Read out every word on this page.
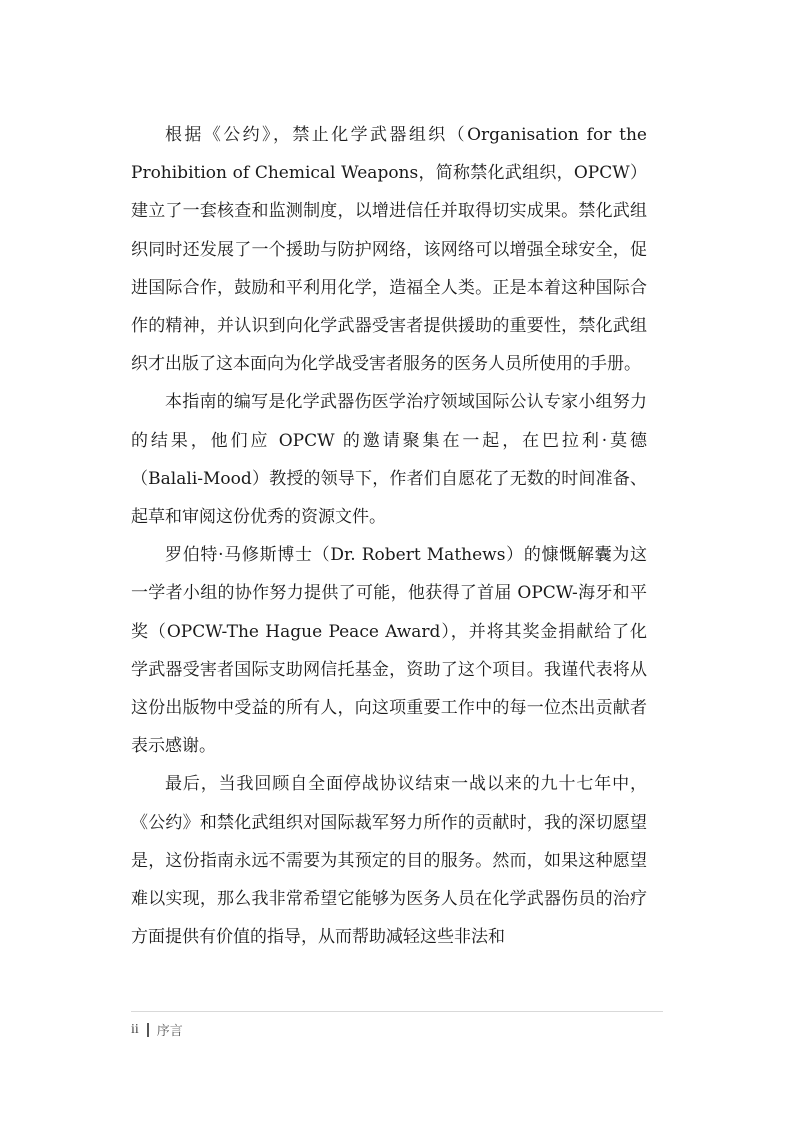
根据《公约》，禁止化学武器组织（Organisation for the Prohibition of Chemical Weapons，简称禁化武组织，OPCW）建立了一套核查和监测制度，以增进信任并取得切实成果。禁化武组织同时还发展了一个援助与防护网络，该网络可以增强全球安全，促进国际合作，鼓励和平利用化学，造福全人类。正是本着这种国际合作的精神，并认识到向化学武器受害者提供援助的重要性，禁化武组织才出版了这本面向为化学战受害者服务的医务人员所使用的手册。

本指南的编写是化学武器伤医学治疗领域国际公认专家小组努力的结果，他们应 OPCW 的邀请聚集在一起，在巴拉利·莫德（Balali-Mood）教授的领导下，作者们自愿花了无数的时间准备、起草和审阅这份优秀的资源文件。

罗伯特·马修斯博士（Dr. Robert Mathews）的慷慨解囊为这一学者小组的协作努力提供了可能，他获得了首届 OPCW-海牙和平奖（OPCW-The Hague Peace Award），并将其奖金捐献给了化学武器受害者国际支助网信托基金，资助了这个项目。我谨代表将从这份出版物中受益的所有人，向这项重要工作中的每一位杰出贡献者表示感谢。

最后，当我回顾自全面停战协议结束一战以来的九十七年中，《公约》和禁化武组织对国际裁军努力所作的贡献时，我的深切愿望是，这份指南永远不需要为其预定的目的服务。然而，如果这种愿望难以实现，那么我非常希望它能够为医务人员在化学武器伤员的治疗方面提供有价值的指导，从而帮助减轻这些非法和

ii 序言
